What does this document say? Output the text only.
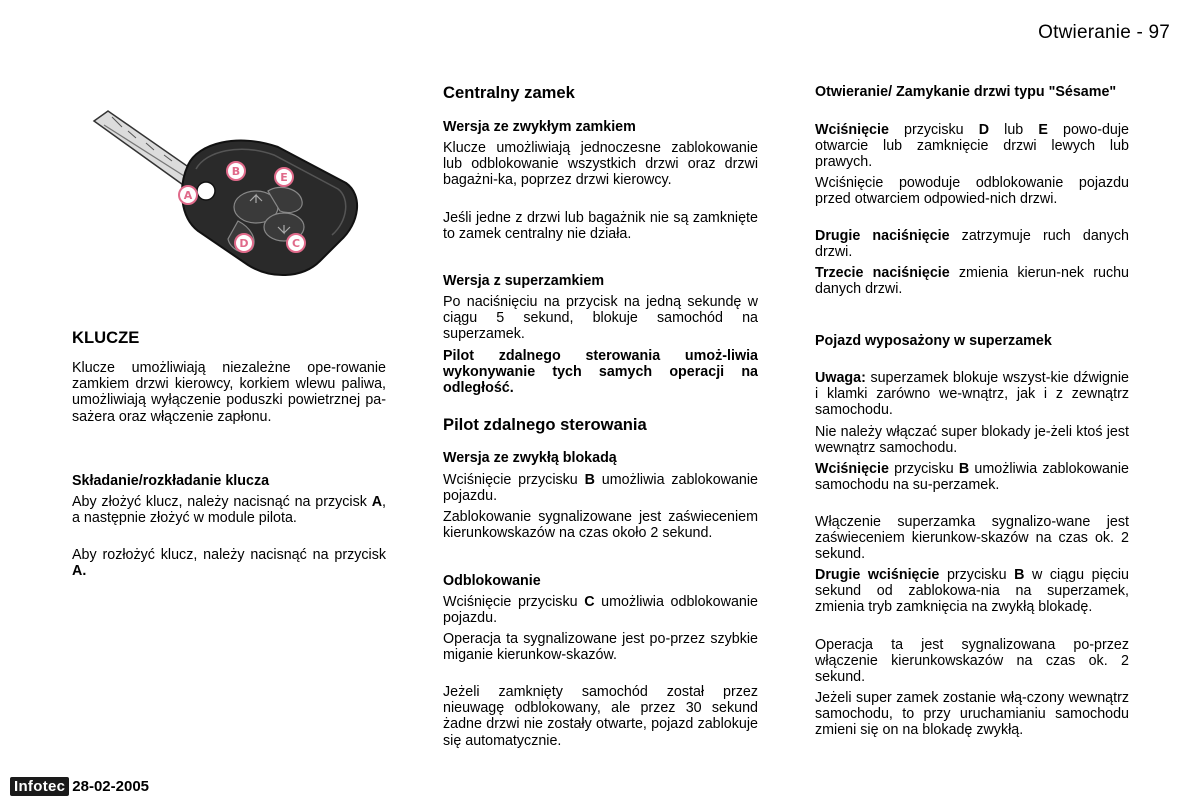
Otwieranie - 97
A
B
C
D
E
KLUCZE

Klucze umożliwiają niezależne ope-rowanie zamkiem drzwi kierowcy, korkiem wlewu paliwa, umożliwiają wyłączenie poduszki powietrznej pa-sażera oraz włączenie zapłonu.

Składanie/rozkładanie klucza

Aby złożyć klucz, należy nacisnąć na przycisk A, a następnie złożyć w module pilota.

Aby rozłożyć klucz, należy nacisnąć na przycisk A.

Centralny zamek
Wersja ze zwykłym zamkiem

Klucze umożliwiają jednoczesne zablokowanie lub odblokowanie wszystkich drzwi oraz drzwi bagażni-ka, poprzez drzwi kierowcy.

Jeśli jedne z drzwi lub bagażnik nie są zamknięte to zamek centralny nie działa.

Wersja z superzamkiem

Po naciśnięciu na przycisk na jedną sekundę w ciągu 5 sekund, blokuje samochód na superzamek.

Pilot zdalnego sterowania umoż-liwia wykonywanie tych samych operacji na odległość.

Pilot zdalnego sterowania
Wersja ze zwykłą blokadą

Wciśnięcie przycisku B umożliwia zablokowanie pojazdu.

Zablokowanie sygnalizowane jest zaświeceniem kierunkowskazów na czas około 2 sekund.

Odblokowanie

Wciśnięcie przycisku C umożliwia odblokowanie pojazdu.

Operacja ta sygnalizowane jest po-przez szybkie miganie kierunkow-skazów.

Jeżeli zamknięty samochód został przez nieuwagę odblokowany, ale przez 30 sekund żadne drzwi nie zostały otwarte, pojazd zablokuje się automatycznie.

Otwieranie/ Zamykanie drzwi typu "Sésame"

Wciśnięcie przycisku D lub E powo-duje otwarcie lub zamknięcie drzwi lewych lub prawych.

Wciśnięcie powoduje odblokowanie pojazdu przed otwarciem odpowied-nich drzwi.

Drugie naciśnięcie zatrzymuje ruch danych drzwi.

Trzecie naciśnięcie zmienia kierun-nek ruchu danych drzwi.

Pojazd wyposażony w superzamek

Uwaga: superzamek blokuje wszyst-kie dźwignie i klamki zarówno we-wnątrz, jak i z zewnątrz samochodu.

Nie należy włączać super blokady je-żeli ktoś jest wewnątrz samochodu.

Wciśnięcie przycisku B umożliwia zablokowanie samochodu na su-perzamek.

Włączenie superzamka sygnalizo-wane jest zaświeceniem kierunkow-skazów na czas ok. 2 sekund.

Drugie wciśnięcie przycisku B w ciągu pięciu sekund od zablokowa-nia na superzamek, zmienia tryb zamknięcia na zwykłą blokadę.

Operacja ta jest sygnalizowana po-przez włączenie kierunkowskazów na czas ok. 2 sekund.

Jeżeli super zamek zostanie włą-czony wewnątrz samochodu, to przy uruchamianiu samochodu zmieni się on na blokadę zwykłą.

Infotec 28-02-2005
